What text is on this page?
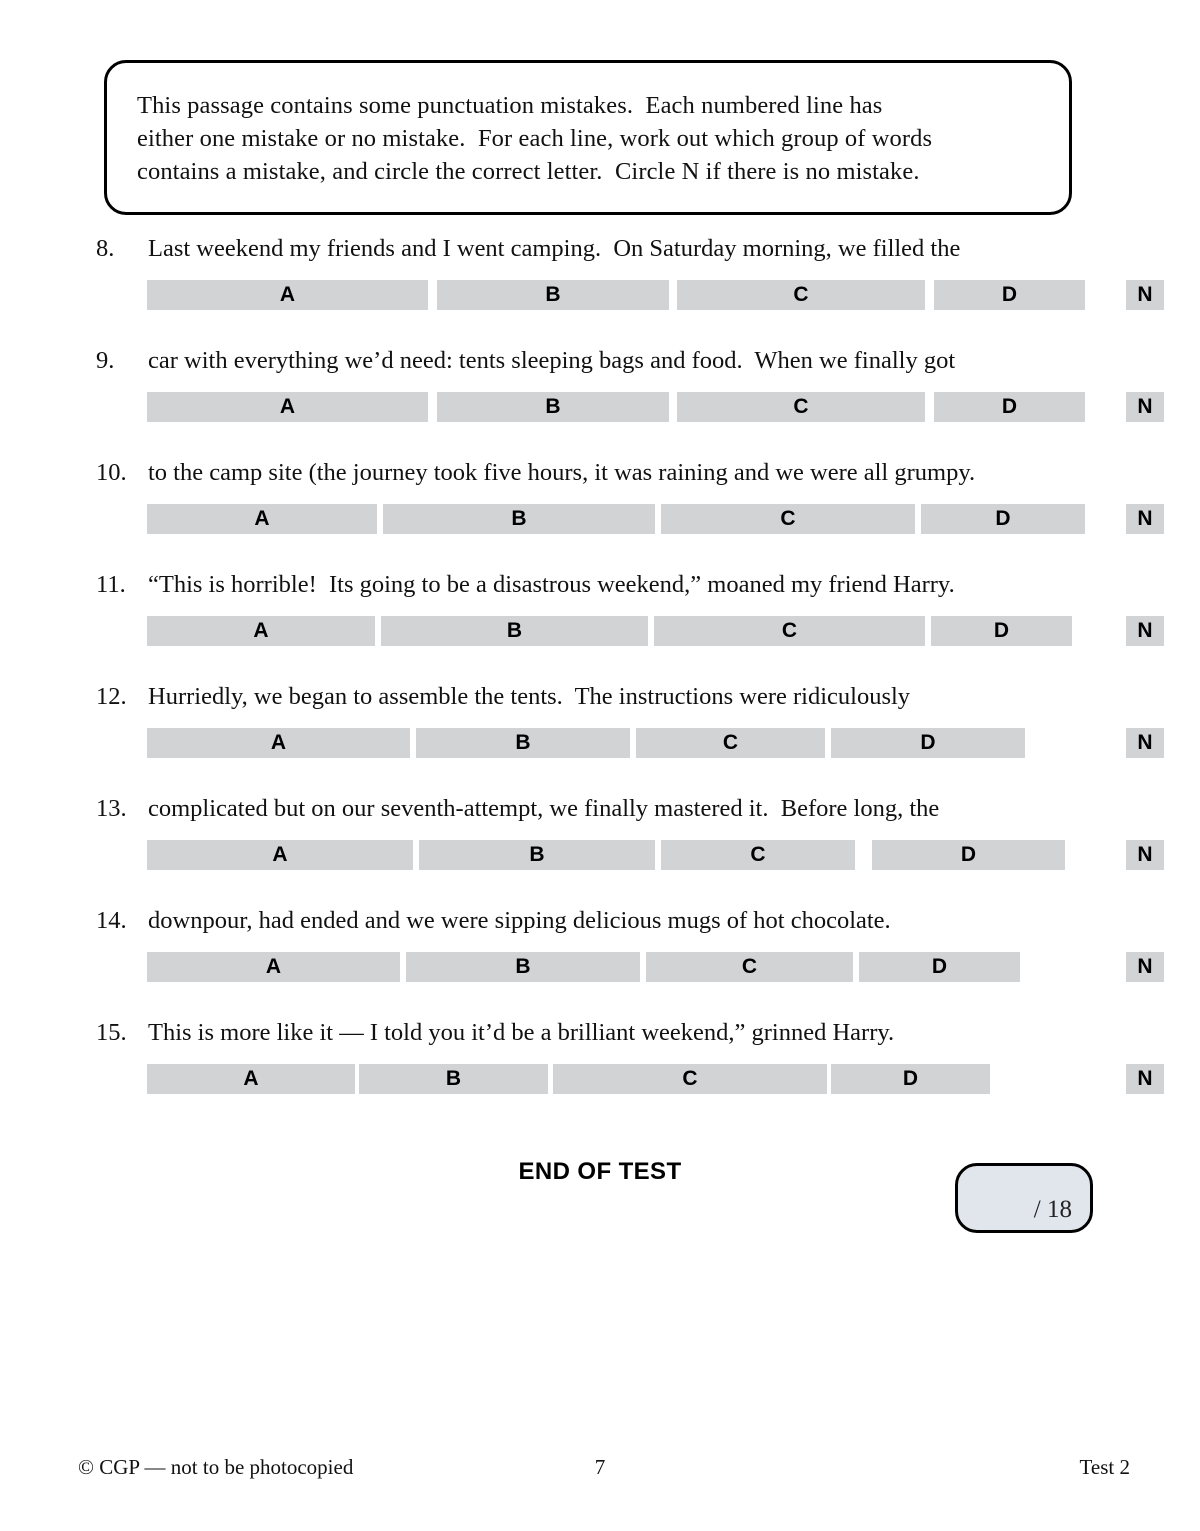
This passage contains some punctuation mistakes.  Each numbered line has
either one mistake or no mistake.  For each line, work out which group of words
contains a mistake, and circle the correct letter.  Circle N if there is no mistake.
8.	Last weekend my friends and I went camping.  On Saturday morning, we filled the
A	B	C	D	N
9.	car with everything we’d need: tents sleeping bags and food.  When we finally got
A	B	C	D	N
10. to the camp site (the journey took five hours, it was raining and we were all grumpy.
A	B	C	D	N
11. “This is horrible!  Its going to be a disastrous weekend,” moaned my friend Harry.
A	B	C	D	N
12. Hurriedly, we began to assemble the tents.  The instructions were ridiculously
A	B	C	D	N
13. complicated but on our seventh-attempt, we finally mastered it.  Before long, the
A	B	C	D	N
14. downpour, had ended and we were sipping delicious mugs of hot chocolate.
A	B	C	D	N
15. This is more like it — I told you it’d be a brilliant weekend,” grinned Harry.
A	B	C	D	N
END OF TEST
/ 18
© CGP — not to be photocopied	7	Test 2
